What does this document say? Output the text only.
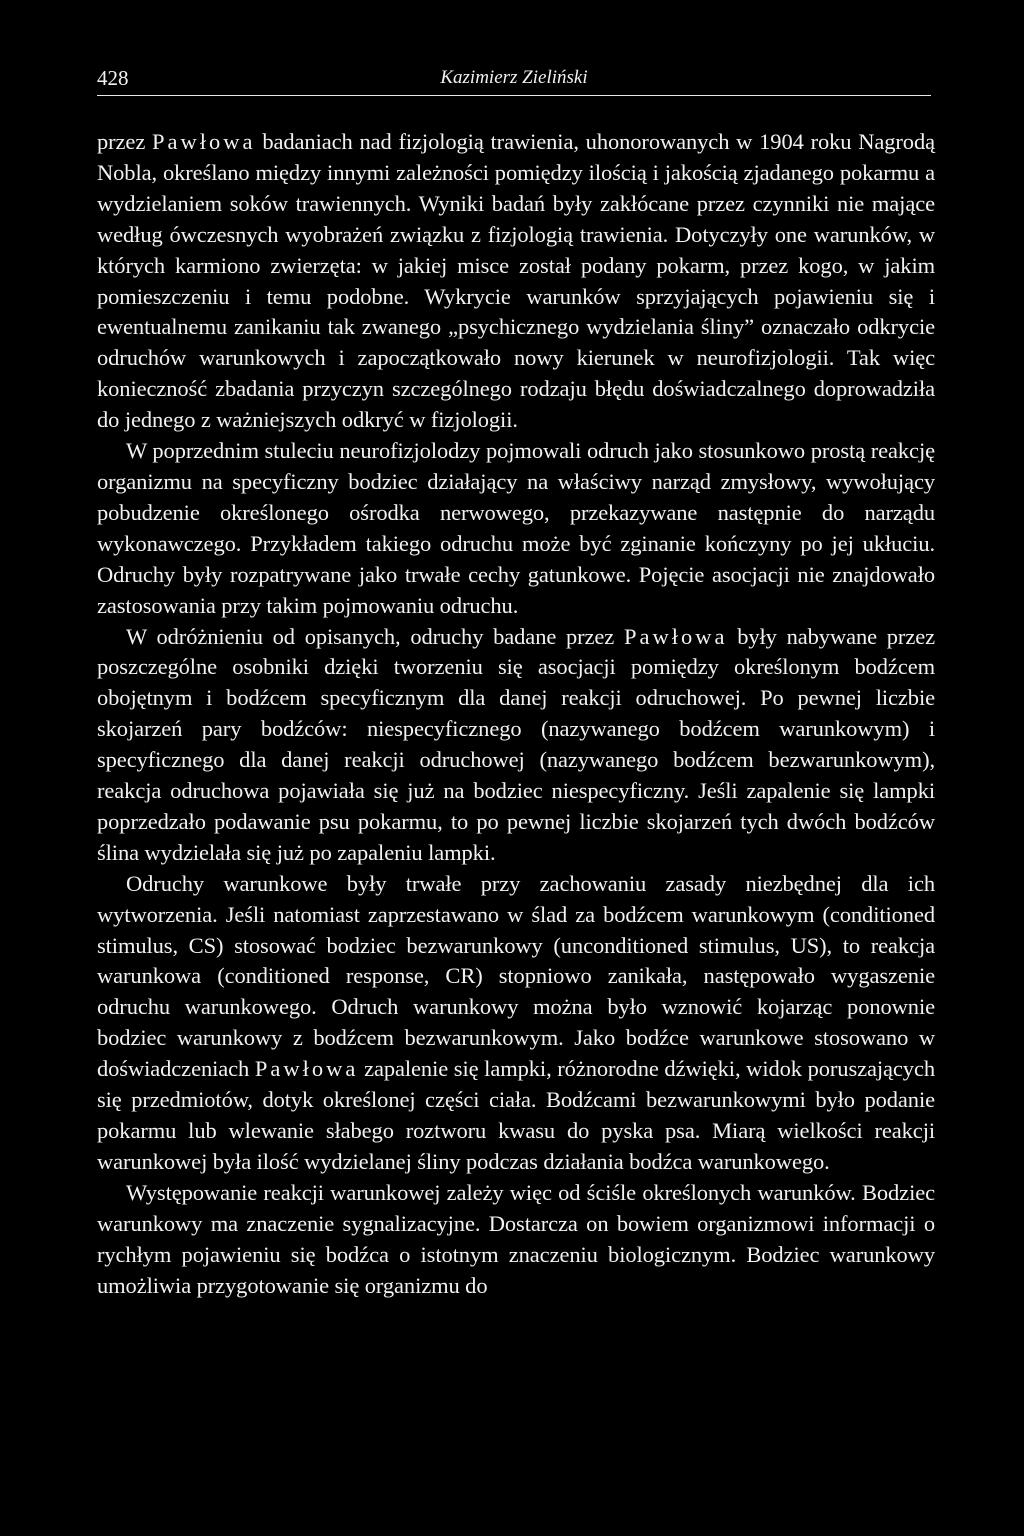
428	Kazimierz Zieliński

przez Pawłowa badaniach nad fizjologią trawienia, uhonorowanych w 1904 roku Nagrodą Nobla, określano między innymi zależności pomiędzy ilością i jakością zjadanego pokarmu a wydzielaniem soków trawiennych. Wyniki badań były zakłócane przez czynniki nie mające według ówczesnych wyobrażeń związku z fizjologią trawienia. Dotyczyły one warunków, w których karmiono zwierzęta: w jakiej misce został podany pokarm, przez kogo, w jakim pomieszczeniu i temu podobne. Wykrycie warunków sprzyjających pojawieniu się i ewentualnemu zanikaniu tak zwanego „psychicznego wydzielania śliny” oznaczało odkrycie odruchów warunkowych i zapoczątkowało nowy kierunek w neurofizjologii. Tak więc konieczność zbadania przyczyn szczególnego rodzaju błędu doświadczalnego doprowadziła do jednego z ważniejszych odkryć w fizjologii.

W poprzednim stuleciu neurofizjolodzy pojmowali odruch jako stosunkowo prostą reakcję organizmu na specyficzny bodziec działający na właściwy narząd zmysłowy, wywołujący pobudzenie określonego ośrodka nerwowego, przekazywane następnie do narządu wykonawczego. Przykładem takiego odruchu może być zginanie kończyny po jej ukłuciu. Odruchy były rozpatrywane jako trwałe cechy gatunkowe. Pojęcie asocjacji nie znajdowało zastosowania przy takim pojmowaniu odruchu.

W odróżnieniu od opisanych, odruchy badane przez Pawłowa były nabywane przez poszczególne osobniki dzięki tworzeniu się asocjacji pomiędzy określonym bodźcem obojętnym i bodźcem specyficznym dla danej reakcji odruchowej. Po pewnej liczbie skojarzeń pary bodźców: niespecyficznego (nazywanego bodźcem warunkowym) i specyficznego dla danej reakcji odruchowej (nazywanego bodźcem bezwarunkowym), reakcja odruchowa pojawiała się już na bodziec niespecyficzny. Jeśli zapalenie się lampki poprzedzało podawanie psu pokarmu, to po pewnej liczbie skojarzeń tych dwóch bodźców ślina wydzielała się już po zapaleniu lampki.

Odruchy warunkowe były trwałe przy zachowaniu zasady niezbędnej dla ich wytworzenia. Jeśli natomiast zaprzestawano w ślad za bodźcem warunkowym (conditioned stimulus, CS) stosować bodziec bezwarunkowy (unconditioned stimulus, US), to reakcja warunkowa (conditioned response, CR) stopniowo zanikała, następowało wygaszenie odruchu warunkowego. Odruch warunkowy można było wznowić kojarząc ponownie bodziec warunkowy z bodźcem bezwarunkowym. Jako bodźce warunkowe stosowano w doświadczeniach Pawłowa zapalenie się lampki, różnorodne dźwięki, widok poruszających się przedmiotów, dotyk określonej części ciała. Bodźcami bezwarunkowymi było podanie pokarmu lub wlewanie słabego roztworu kwasu do pyska psa. Miarą wielkości reakcji warunkowej była ilość wydzielanej śliny podczas działania bodźca warunkowego.

Występowanie reakcji warunkowej zależy więc od ściśle określonych warunków. Bodziec warunkowy ma znaczenie sygnalizacyjne. Dostarcza on bowiem organizmowi informacji o rychłym pojawieniu się bodźca o istotnym znaczeniu biologicznym. Bodziec warunkowy umożliwia przygotowanie się organizmu do
